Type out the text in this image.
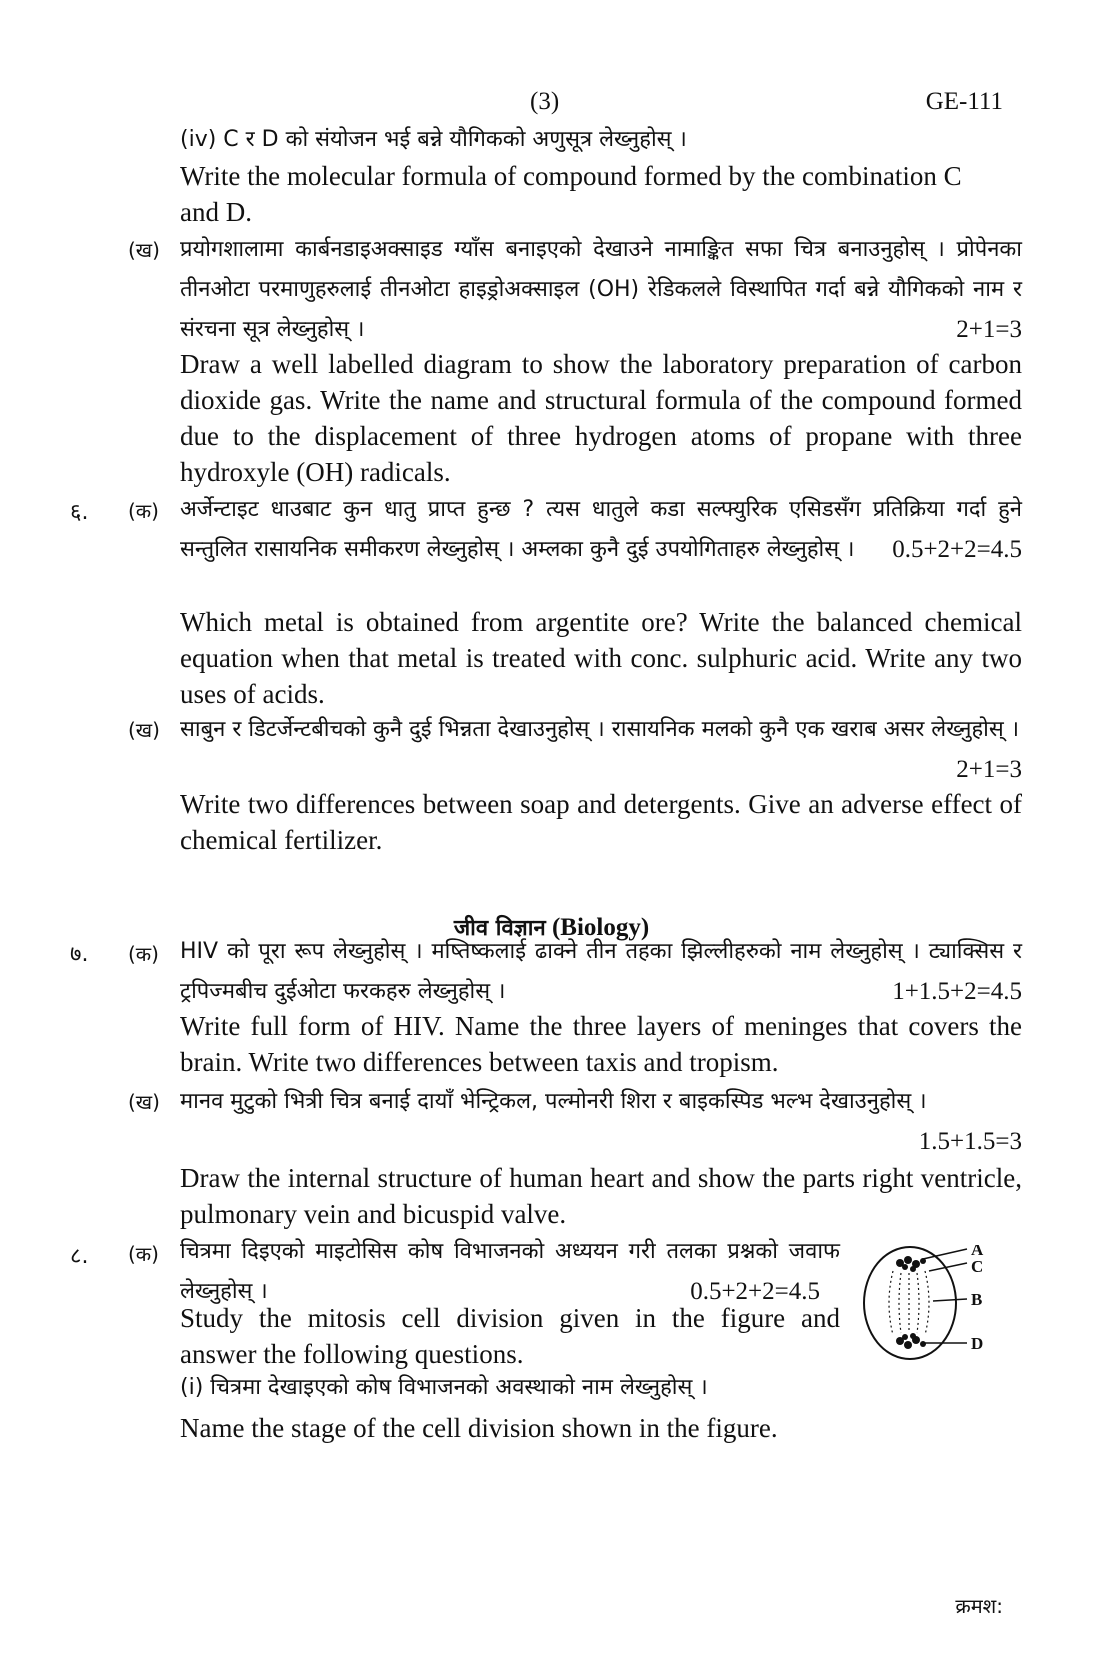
(3)	GE-111
(iv) C र D को संयोजन भई बन्ने यौगिकको अणुसूत्र लेख्नुहोस् ।
Write the molecular formula of compound formed by the combination C and D.
(ख) प्रयोगशालामा कार्बनडाइअक्साइड ग्याँस बनाइएको देखाउने नामाङ्कित सफा चित्र बनाउनुहोस् । प्रोपेनका तीनओटा परमाणुहरुलाई तीनओटा हाइड्रोअक्साइल (OH) रेडिकलले विस्थापित गर्दा बन्ने यौगिकको नाम र संरचना सूत्र लेख्नुहोस् ।	2+1=3
Draw a well labelled diagram to show the laboratory preparation of carbon dioxide gas. Write the name and structural formula of the compound formed due to the displacement of three hydrogen atoms of propane with three hydroxyle (OH) radicals.
६. (क) अर्जेन्टाइट धाउबाट कुन धातु प्राप्त हुन्छ ? त्यस धातुले कडा सल्फ्युरिक एसिडसँग प्रतिक्रिया गर्दा हुने सन्तुलित रासायनिक समीकरण लेख्नुहोस् । अम्लका कुनै दुई उपयोगिताहरु लेख्नुहोस् । 0.5+2+2=4.5
Which metal is obtained from argentite ore? Write the balanced chemical equation when that metal is treated with conc. sulphuric acid. Write any two uses of acids.
(ख) साबुन र डिटर्जेन्टबीचको कुनै दुई भिन्नता देखाउनुहोस् । रासायनिक मलको कुनै एक खराब असर लेख्नुहोस् ।
2+1=3
Write two differences between soap and detergents. Give an adverse effect of chemical fertilizer.
जीव विज्ञान (Biology)
७. (क) HIV को पूरा रूप लेख्नुहोस् । मष्तिष्कलाई ढाक्ने तीन तहका झिल्लीहरुको नाम लेख्नुहोस् । ट्याक्सिस र ट्रपिज्मबीच दुईओटा फरकहरु लेख्नुहोस् ।	1+1.5+2=4.5
Write full form of HIV. Name the three layers of meninges that covers the brain. Write two differences between taxis and tropism.
(ख) मानव मुटुको भित्री चित्र बनाई दायाँ भेन्ट्रिकल, पल्मोनरी शिरा र बाइकस्पिड भल्भ देखाउनुहोस् ।
1.5+1.5=3
Draw the internal structure of human heart and show the parts right ventricle, pulmonary vein and bicuspid valve.
८. (क) चित्रमा दिइएको माइटोसिस कोष विभाजनको अध्ययन गरी तलका प्रश्नको जवाफ लेख्नुहोस् ।	0.5+2+2=4.5
Study the mitosis cell division given in the figure and answer the following questions.
(i) चित्रमा देखाइएको कोष विभाजनको अवस्थाको नाम लेख्नुहोस् ।
Name the stage of the cell division shown in the figure.
A
C
B
D
क्रमश:
